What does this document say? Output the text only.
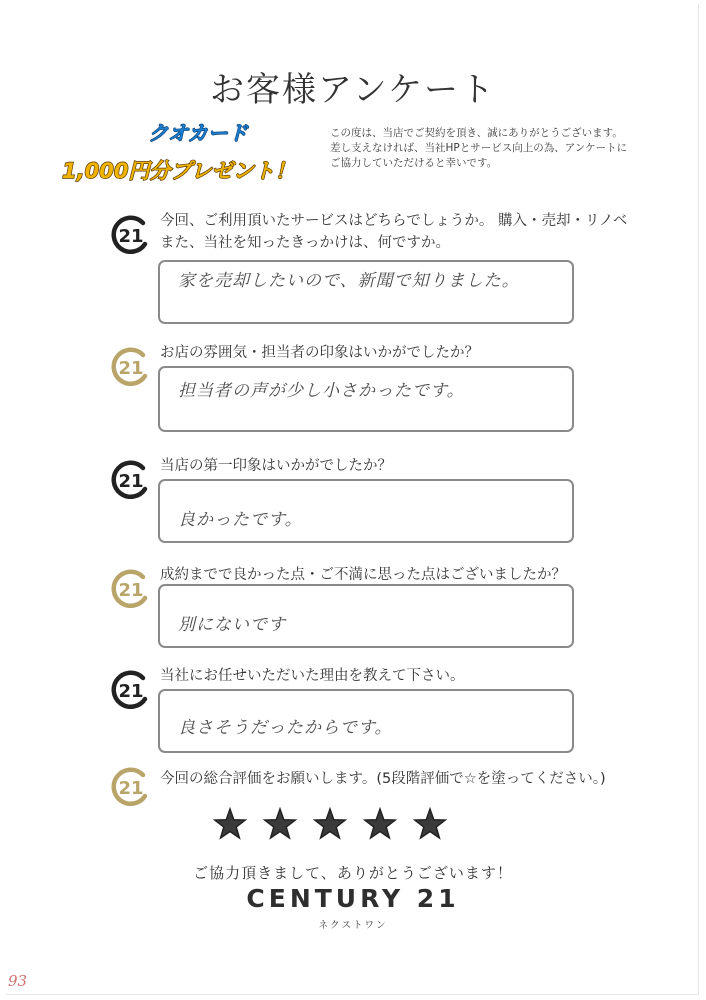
お客様アンケート
クオカード
1,000円分プレゼント！
この度は、当店でご契約を頂き、誠にありがとうございます。
差し支えなければ、当社HPとサービス向上の為、アンケートに
ご協力していただけると幸いです。
21
今回、ご利用頂いたサービスはどちらでしょうか。 購入・売却・リノベ
また、当社を知ったきっかけは、何ですか。
家を売却したいので、新聞で知りました。
21
お店の雰囲気・担当者の印象はいかがでしたか？
担当者の声が少し小さかったです。
21
当店の第一印象はいかがでしたか？
良かったです。
21
成約までで良かった点・ご不満に思った点はございましたか？
別にないです
21
当社にお任せいただいた理由を教えて下さい。
良さそうだったからです。
21 今回の総合評価をお願いします。(5段階評価で☆を塗ってください。)
ご協力頂きまして、ありがとうございます！
CENTURY 21
ネクストワン
93
